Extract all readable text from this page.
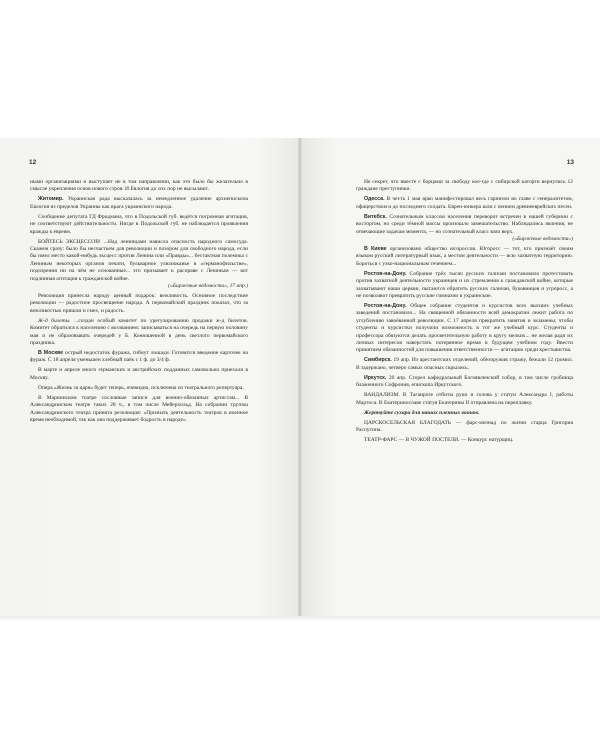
12

ными организациями и выступает не в том направлении, как это было бы желательно в смысле укрепления основ нового строя. И Евлогия до сих пор не высылают.

Житомир. Украинская рада высказалась за немедленное удаление архиепископа Евлогия из пределов Украины как врага украинского народа.

Сообщение депутата ГД Фридмана, что в Подольской губ. ведётся погромная агитация, не соответствуют действительности. Нигде в Подольской губ. не наблюдается проявления вражды к евреям.

БОЙТЕСЬ ЭКСЦЕССОВ! ...Над ленинцами нависла опасность народного самосуда. Скажем сразу: было бы несчастьем для революции и позором для свободного народа, если бы имел место какой-нибудь эксцесс против Ленина или «Правды»... бестактная полемика с Лениным некоторых органов печати, бульварное улюлюканье в «германофильстве», подозрения ни на чём не основанные... это призывает к расправе с Лениным — вот подлинная агитация к гражданской войне.

(«Биржевые ведомости», 17 апр.)

Революция принесла народу ценный подарок: вежливость. Основное последствие революции — радостное просвещение народа. А первомайский праздник показал, что за вежливостью пришли и смех, и радость.

Ж-д билеты. ...создан особый комитет по урегулированию продажи ж-д билетов. Комитет обратился к населению с воззванием: записываться на очередь на первую половину мая и не образовывать очередей у Б. Конюшенной в день светлого первомайского праздника.

В Москве острый недостаток фуража, гибнут лошади. Готовится введение карточек на фураж. С 18 апреля уменьшен хлебный паёк с 1 ф. до 3/4 ф.

В марте и апреле много германских и австрийских подданных самовольно приехали в Москву.

Опера «Жизнь за царя» будет теперь, очевидно, исключена из театрального репертуара.

В Мариинском театре сословные записи для военно-обязанных артистам... В Александринском театре таких 28 ч., в том числе Мейерхольд. На собрании труппы Александринского театра принята резолюция: «Признать деятельность театров в военное время необходимой, так как она поддерживает бодрость в народе».

13

Не секрет, что вместе с борцами за свободу кое-где с сибирской каторги вернулись 12 граждане преступники.

Одесса. В честь 1 мая ярко манифестировал весь гарнизон во главе с генералитетом, офицерством и до последнего солдата. Евреи-юнкера шли с пением древнееврейских песен.

Витебск. Сознательным классом населения переворот встречен в нашей губернии с восторгом, но среди тёмной массы произошло замешательство. Наблюдались явления, не отвечающие задачам момента, — но сознательный класс взял верх.

(«Биржевые ведомости»)

В Киеве организовано общество югороссов. Югоросс — тот, кто признаёт своим языком русский литературный язык, а местом деятельности — всю захватную территорию. Бороться с узко-национальным течением...

Ростов-на-Дону. Собрание трёх тысяч русских галичан постановило протестовать против захватной деятельности украинцев и их стремления к гражданской войне, которые захватывают наши церкви, пытаются обратить русских галичан, буковинцев и угроросс, а не позволяют превратить русские гимназии в украинские.

Ростов-на-Дону. Общее собрание студентов и курсистов всех высших учебных заведений постановило... На священной обязанности всей демократии лежит работа по углублению завоёванной революции. С 17 апреля прекратить занятия и экзамены, чтобы студенты и курсистки получили возможность в тот же учебный курс. Студенты и профессора обязуются делать просветительную работу в кругу мелких... не желая ради их личных интересов наверстать потерянное время в будущем учебном году. Ввести принятием обязанностей для повышения ответственности — агитацию среди крестьянства.

Симбирск. 19 апр. Из арестантских отделений, обезоружив стражу, бежали 12 громил. В задержано, четверо самых опасных скрылись.

Иркутск. 20 апр. Сгорел кафедральный Богоявленский собор, в том числе гробница блаженного Софрония, епископа Иркутского.

ВАНДАЛИЗМ. В Таганроге отбиты руки и голова у статуи Александра I, работы Мартоса. В Екатеринославе статуя Екатерины II отправлена на переплавку.

Жертвуйте сухари для наших пленных воинов.

ЦАРСКОСЕЛЬСКАЯ БЛАГОДАТЬ — фарс-мизнад по жизни старца Григория Распутина.

ТЕАТР-ФАРС — В ЧУЖОЙ ПОСТЕЛИ. — Конкурс натурщиц.
